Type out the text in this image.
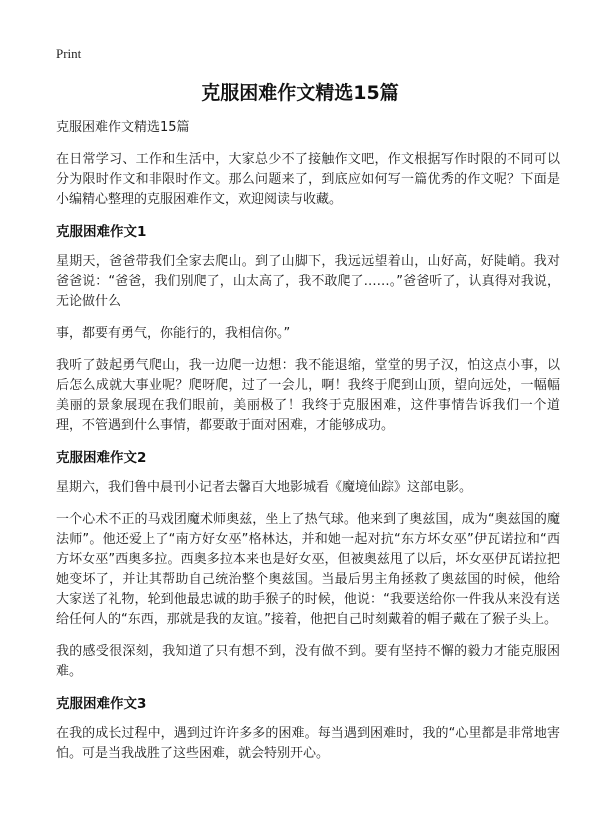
Print
克服困难作文精选15篇

克服困难作文精选15篇

在日常学习、工作和生活中，大家总少不了接触作文吧，作文根据写作时限的不同可以分为限时作文和非限时作文。那么问题来了，到底应如何写一篇优秀的作文呢？下面是小编精心整理的克服困难作文，欢迎阅读与收藏。

克服困难作文1

星期天，爸爸带我们全家去爬山。到了山脚下，我远远望着山，山好高，好陡峭。我对爸爸说：“爸爸，我们别爬了，山太高了，我不敢爬了……。”爸爸听了，认真得对我说，无论做什么

事，都要有勇气，你能行的，我相信你。”

我听了鼓起勇气爬山，我一边爬一边想：我不能退缩，堂堂的男子汉，怕这点小事，以后怎么成就大事业呢？爬呀爬，过了一会儿，啊！我终于爬到山顶，望向远处，一幅幅美丽的景象展现在我们眼前，美丽极了！我终于克服困难，这件事情告诉我们一个道理，不管遇到什么事情，都要敢于面对困难，才能够成功。

克服困难作文2

星期六，我们鲁中晨刊小记者去馨百大地影城看《魔境仙踪》这部电影。

一个心术不正的马戏团魔术师奥兹，坐上了热气球。他来到了奥兹国，成为“奥兹国的魔法师”。他还爱上了“南方好女巫”格林达，并和她一起对抗“东方坏女巫”伊瓦诺拉和“西方坏女巫”西奥多拉。西奥多拉本来也是好女巫，但被奥兹甩了以后，坏女巫伊瓦诺拉把她变坏了，并让其帮助自己统治整个奥兹国。当最后男主角拯救了奥兹国的时候，他给大家送了礼物，轮到他最忠诚的助手猴子的时候，他说：“我要送给你一件我从来没有送给任何人的“东西，那就是我的友谊。”接着，他把自己时刻戴着的帽子戴在了猴子头上。

我的感受很深刻，我知道了只有想不到，没有做不到。要有坚持不懈的毅力才能克服困难。

克服困难作文3

在我的成长过程中，遇到过许许多多的困难。每当遇到困难时，我的“心里都是非常地害怕。可是当我战胜了这些困难，就会特别开心。
